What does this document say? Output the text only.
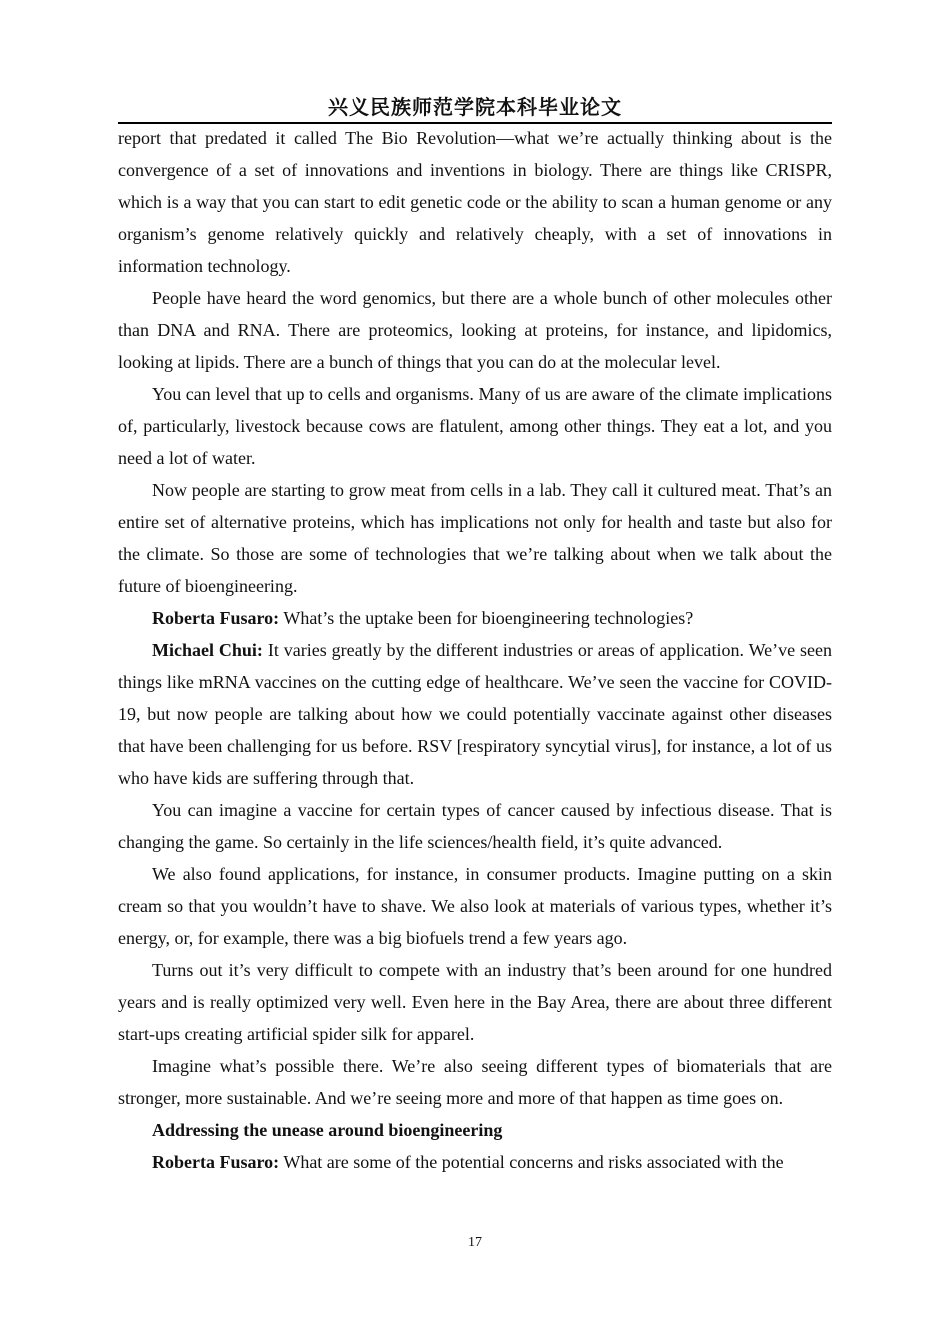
兴义民族师范学院本科毕业论文

report that predated it called The Bio Revolution—what we’re actually thinking about is the convergence of a set of innovations and inventions in biology. There are things like CRISPR, which is a way that you can start to edit genetic code or the ability to scan a human genome or any organism’s genome relatively quickly and relatively cheaply, with a set of innovations in information technology.

People have heard the word genomics, but there are a whole bunch of other molecules other than DNA and RNA. There are proteomics, looking at proteins, for instance, and lipidomics, looking at lipids. There are a bunch of things that you can do at the molecular level.

You can level that up to cells and organisms. Many of us are aware of the climate implications of, particularly, livestock because cows are flatulent, among other things. They eat a lot, and you need a lot of water.

Now people are starting to grow meat from cells in a lab. They call it cultured meat. That’s an entire set of alternative proteins, which has implications not only for health and taste but also for the climate. So those are some of technologies that we’re talking about when we talk about the future of bioengineering.

Roberta Fusaro: What’s the uptake been for bioengineering technologies?

Michael Chui: It varies greatly by the different industries or areas of application. We’ve seen things like mRNA vaccines on the cutting edge of healthcare. We’ve seen the vaccine for COVID-19, but now people are talking about how we could potentially vaccinate against other diseases that have been challenging for us before. RSV [respiratory syncytial virus], for instance, a lot of us who have kids are suffering through that.

You can imagine a vaccine for certain types of cancer caused by infectious disease. That is changing the game. So certainly in the life sciences/health field, it’s quite advanced.

We also found applications, for instance, in consumer products. Imagine putting on a skin cream so that you wouldn’t have to shave. We also look at materials of various types, whether it’s energy, or, for example, there was a big biofuels trend a few years ago.

Turns out it’s very difficult to compete with an industry that’s been around for one hundred years and is really optimized very well. Even here in the Bay Area, there are about three different start-ups creating artificial spider silk for apparel.

Imagine what’s possible there. We’re also seeing different types of biomaterials that are stronger, more sustainable. And we’re seeing more and more of that happen as time goes on.

Addressing the unease around bioengineering

Roberta Fusaro: What are some of the potential concerns and risks associated with the

17
